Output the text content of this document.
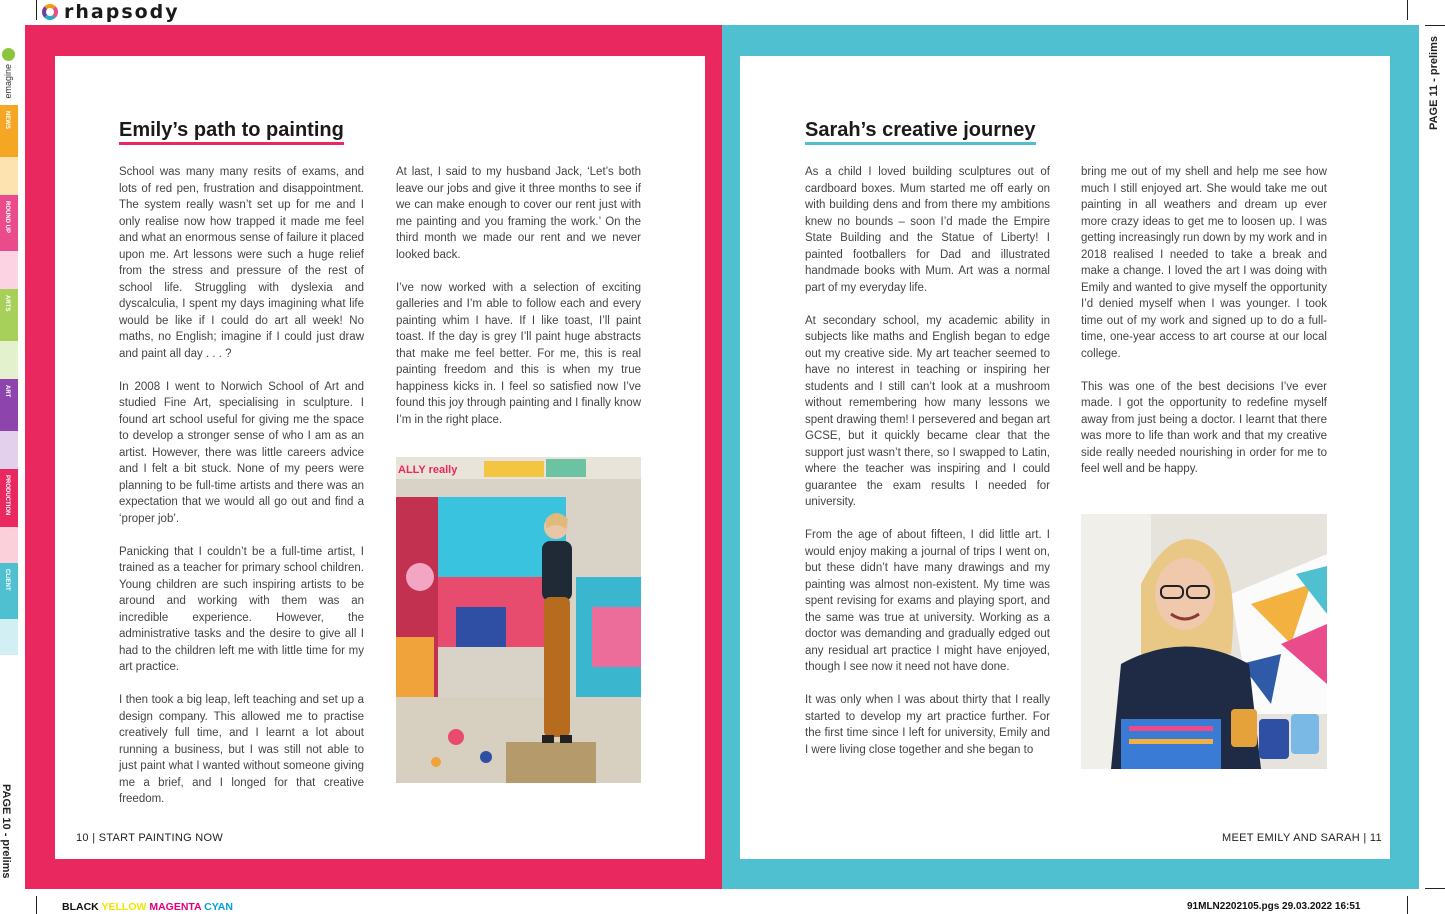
rhapsody
emagine
NEWS
ROUND UP
ARTS
ART
PRODUCTION
CLIENT
Emily’s path to painting

School was many many resits of exams, and lots of red pen, frustration and disappointment. The system really wasn’t set up for me and I only realise now how trapped it made me feel and what an enormous sense of failure it placed upon me. Art lessons were such a huge relief from the stress and pressure of the rest of school life. Struggling with dyslexia and dyscalculia, I spent my days imagining what life would be like if I could do art all week! No maths, no English; imagine if I could just draw and paint all day . . . ?

In 2008 I went to Norwich School of Art and studied Fine Art, specialising in sculpture. I found art school useful for giving me the space to develop a stronger sense of who I am as an artist. However, there was little careers advice and I felt a bit stuck. None of my peers were planning to be full-time artists and there was an expectation that we would all go out and find a ‘proper job’.

Panicking that I couldn’t be a full-time artist, I trained as a teacher for primary school children. Young children are such inspiring artists to be around and working with them was an incredible experience. However, the administrative tasks and the desire to give all I had to the children left me with little time for my art practice.

I then took a big leap, left teaching and set up a design company. This allowed me to practise creatively full time, and I learnt a lot about running a business, but I was still not able to just paint what I wanted without someone giving me a brief, and I longed for that creative freedom.

At last, I said to my husband Jack, ‘Let’s both leave our jobs and give it three months to see if we can make enough to cover our rent just with me painting and you framing the work.’ On the third month we made our rent and we never looked back.

I’ve now worked with a selection of exciting galleries and I’m able to follow each and every painting whim I have. If I like toast, I’ll paint toast. If the day is grey I’ll paint huge abstracts that make me feel better. For me, this is real painting freedom and this is when my true happiness kicks in. I feel so satisfied now I’ve found this joy through painting and I finally know I’m in the right place.

ALLY really
10 | START PAINTING NOW
Sarah’s creative journey

As a child I loved building sculptures out of cardboard boxes. Mum started me off early on with building dens and from there my ambitions knew no bounds – soon I’d made the Empire State Building and the Statue of Liberty! I painted footballers for Dad and illustrated handmade books with Mum. Art was a normal part of my everyday life.

At secondary school, my academic ability in subjects like maths and English began to edge out my creative side. My art teacher seemed to have no interest in teaching or inspiring her students and I still can’t look at a mushroom without remembering how many lessons we spent drawing them! I persevered and began art GCSE, but it quickly became clear that the support just wasn’t there, so I swapped to Latin, where the teacher was inspiring and I could guarantee the exam results I needed for university.

From the age of about fifteen, I did little art. I would enjoy making a journal of trips I went on, but these didn’t have many drawings and my painting was almost non-existent. My time was spent revising for exams and playing sport, and the same was true at university. Working as a doctor was demanding and gradually edged out any residual art practice I might have enjoyed, though I see now it need not have done.

It was only when I was about thirty that I really started to develop my art practice further. For the first time since I left for university, Emily and I were living close together and she began to

bring me out of my shell and help me see how much I still enjoyed art. She would take me out painting in all weathers and dream up ever more crazy ideas to get me to loosen up. I was getting increasingly run down by my work and in 2018 realised I needed to take a break and make a change. I loved the art I was doing with Emily and wanted to give myself the opportunity I’d denied myself when I was younger. I took time out of my work and signed up to do a full-time, one-year access to art course at our local college.

This was one of the best decisions I’ve ever made. I got the opportunity to redefine myself away from just being a doctor. I learnt that there was more to life than work and that my creative side really needed nourishing in order for me to feel well and be happy.

MEET EMILY AND SARAH | 11
PAGE 11 - prelims
PAGE 10 - prelims
BLACK YELLOW MAGENTA CYAN	91MLN2202105.pgs 29.03.2022 16:51
